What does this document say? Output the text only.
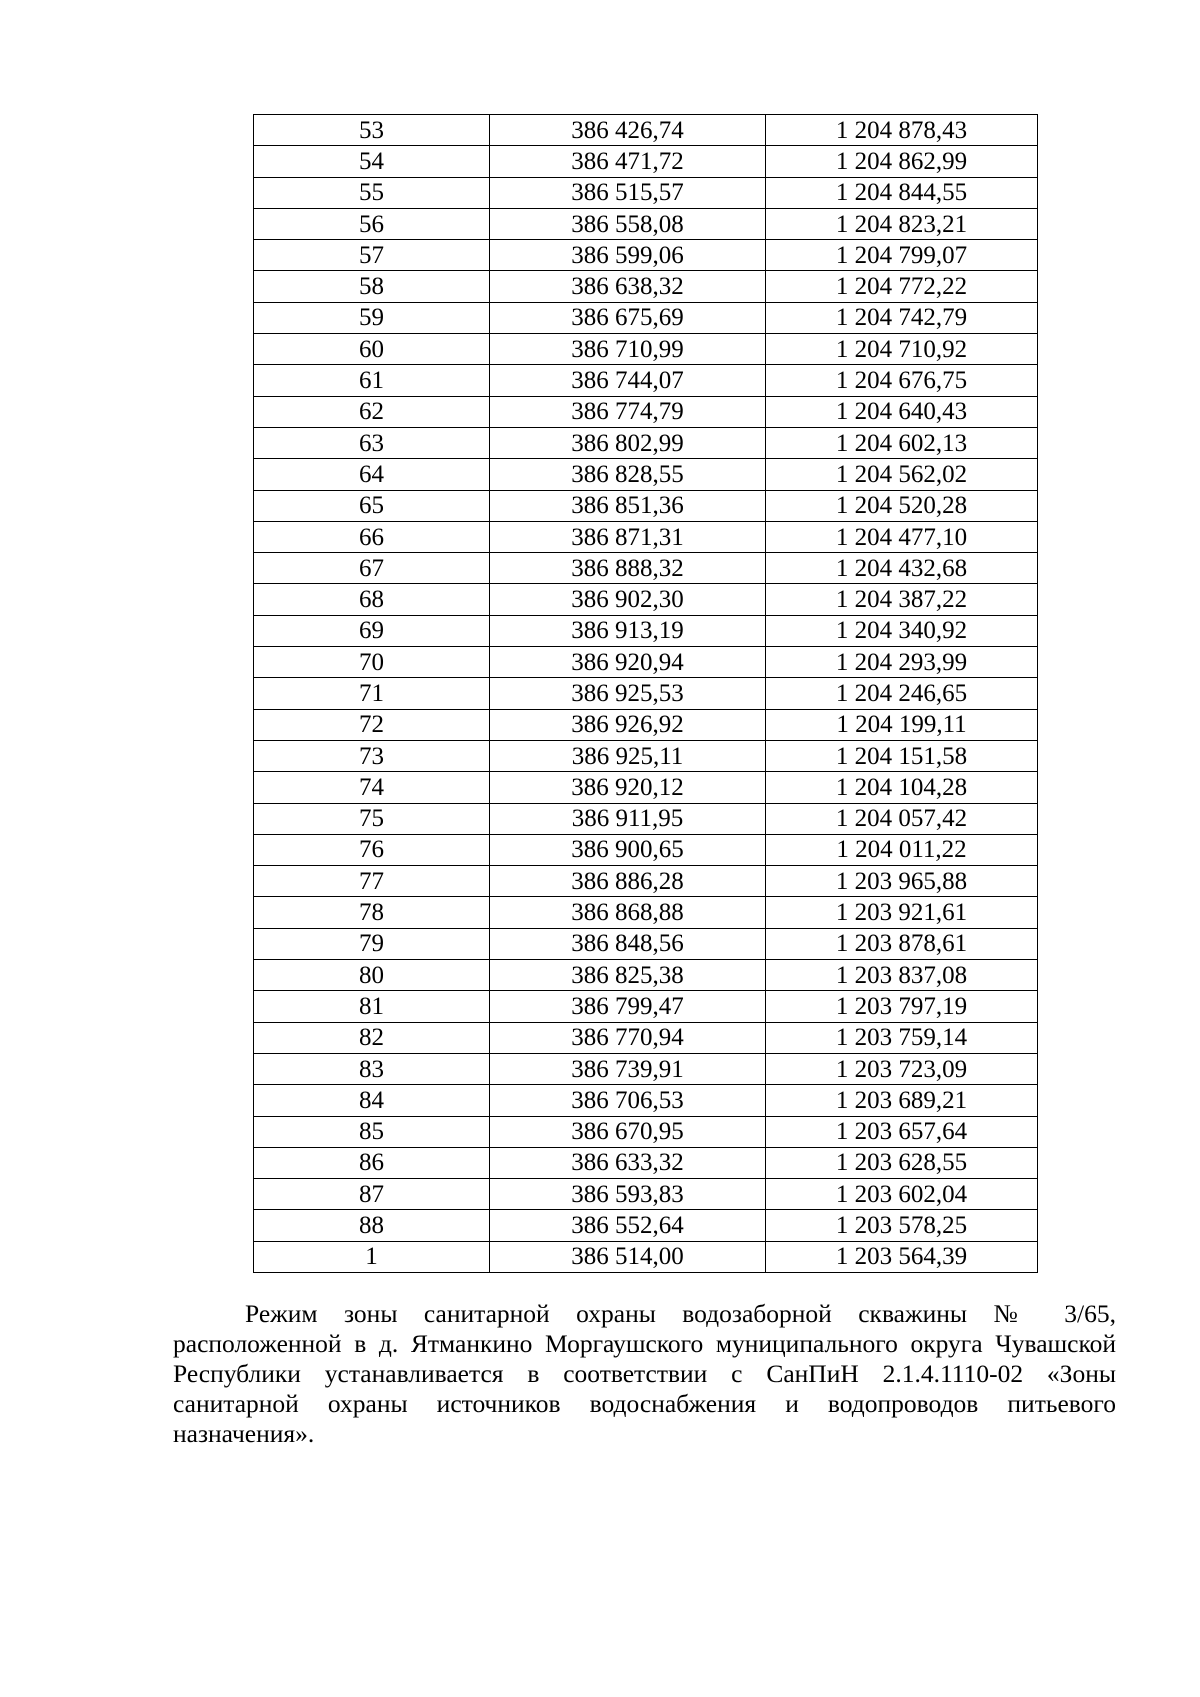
53	386 426,74	1 204 878,43
54	386 471,72	1 204 862,99
55	386 515,57	1 204 844,55
56	386 558,08	1 204 823,21
57	386 599,06	1 204 799,07
58	386 638,32	1 204 772,22
59	386 675,69	1 204 742,79
60	386 710,99	1 204 710,92
61	386 744,07	1 204 676,75
62	386 774,79	1 204 640,43
63	386 802,99	1 204 602,13
64	386 828,55	1 204 562,02
65	386 851,36	1 204 520,28
66	386 871,31	1 204 477,10
67	386 888,32	1 204 432,68
68	386 902,30	1 204 387,22
69	386 913,19	1 204 340,92
70	386 920,94	1 204 293,99
71	386 925,53	1 204 246,65
72	386 926,92	1 204 199,11
73	386 925,11	1 204 151,58
74	386 920,12	1 204 104,28
75	386 911,95	1 204 057,42
76	386 900,65	1 204 011,22
77	386 886,28	1 203 965,88
78	386 868,88	1 203 921,61
79	386 848,56	1 203 878,61
80	386 825,38	1 203 837,08
81	386 799,47	1 203 797,19
82	386 770,94	1 203 759,14
83	386 739,91	1 203 723,09
84	386 706,53	1 203 689,21
85	386 670,95	1 203 657,64
86	386 633,32	1 203 628,55
87	386 593,83	1 203 602,04
88	386 552,64	1 203 578,25
1	386 514,00	1 203 564,39

Режим зоны санитарной охраны водозаборной скважины № 3/65, расположенной в д. Ятманкино Моргаушского муниципального округа Чувашской Республики устанавливается в соответствии с СанПиН 2.1.4.1110-02 «Зоны санитарной охраны источников водоснабжения и водопроводов питьевого назначения».
